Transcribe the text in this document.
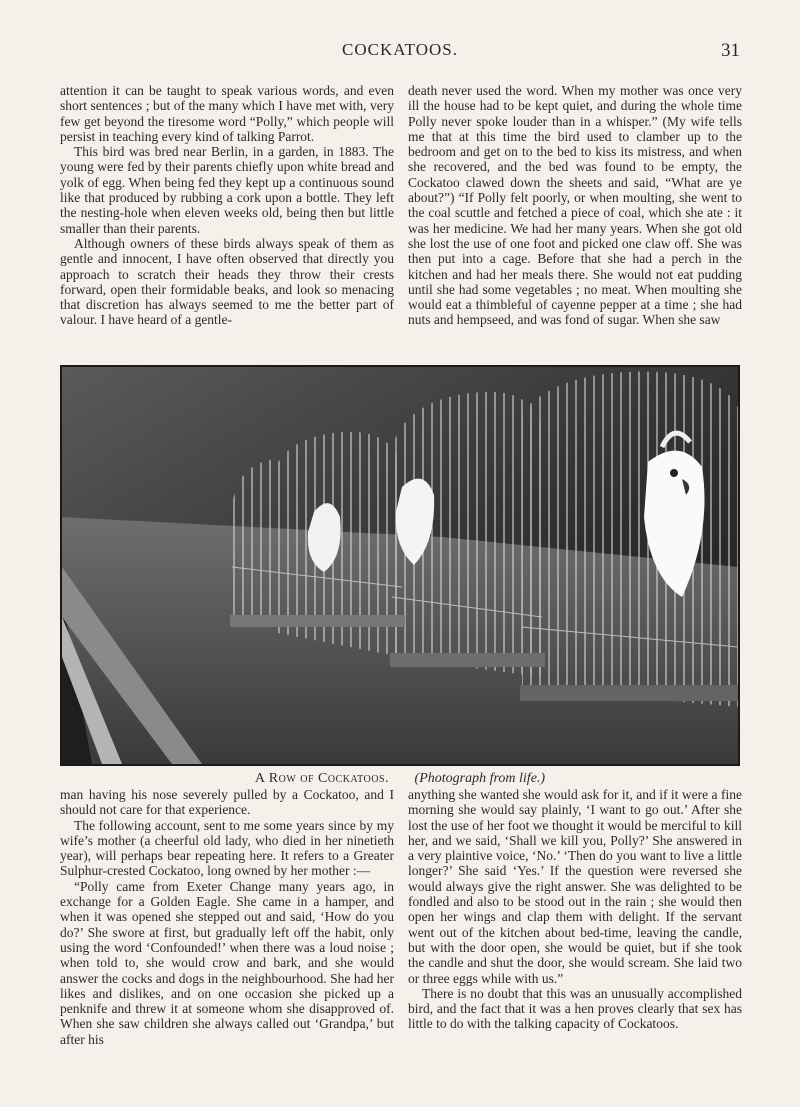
COCKATOOS.	31

attention it can be taught to speak various words, and even short sentences ; but of the many which I have met with, very few get beyond the tiresome word “Polly,” which people will persist in teaching every kind of talking Parrot.

This bird was bred near Berlin, in a garden, in 1883. The young were fed by their parents chiefly upon white bread and yolk of egg. When being fed they kept up a continuous sound like that produced by rubbing a cork upon a bottle. They left the nesting-hole when eleven weeks old, being then but little smaller than their parents.

Although owners of these birds always speak of them as gentle and innocent, I have often observed that directly you approach to scratch their heads they throw their crests forward, open their formidable beaks, and look so menacing that discretion has always seemed to me the better part of valour. I have heard of a gentle-

death never used the word. When my mother was once very ill the house had to be kept quiet, and during the whole time Polly never spoke louder than in a whisper.” (My wife tells me that at this time the bird used to clamber up to the bedroom and get on to the bed to kiss its mistress, and when she recovered, and the bed was found to be empty, the Cockatoo clawed down the sheets and said, “What are ye about?”) “If Polly felt poorly, or when moulting, she went to the coal scuttle and fetched a piece of coal, which she ate : it was her medicine. We had her many years. When she got old she lost the use of one foot and picked one claw off. She was then put into a cage. Before that she had a perch in the kitchen and had her meals there. She would not eat pudding until she had some vegetables ; no meat. When moulting she would eat a thimbleful of cayenne pepper at a time ; she had nuts and hempseed, and was fond of sugar. When she saw

A Row of Cockatoos. (Photograph from life.)

man having his nose severely pulled by a Cockatoo, and I should not care for that experience.

The following account, sent to me some years since by my wife’s mother (a cheerful old lady, who died in her ninetieth year), will perhaps bear repeating here. It refers to a Greater Sulphur-crested Cockatoo, long owned by her mother :—

“Polly came from Exeter Change many years ago, in exchange for a Golden Eagle. She came in a hamper, and when it was opened she stepped out and said, ‘How do you do?’ She swore at first, but gradually left off the habit, only using the word ‘Confounded!’ when there was a loud noise ; when told to, she would crow and bark, and she would answer the cocks and dogs in the neighbourhood. She had her likes and dislikes, and on one occasion she picked up a penknife and threw it at someone whom she disapproved of. When she saw children she always called out ‘Grandpa,’ but after his

anything she wanted she would ask for it, and if it were a fine morning she would say plainly, ‘I want to go out.’ After she lost the use of her foot we thought it would be merciful to kill her, and we said, ‘Shall we kill you, Polly?’ She answered in a very plaintive voice, ‘No.’ ‘Then do you want to live a little longer?’ She said ‘Yes.’ If the question were reversed she would always give the right answer. She was delighted to be fondled and also to be stood out in the rain ; she would then open her wings and clap them with delight. If the servant went out of the kitchen about bed-time, leaving the candle, but with the door open, she would be quiet, but if she took the candle and shut the door, she would scream. She laid two or three eggs while with us.”

There is no doubt that this was an unusually accomplished bird, and the fact that it was a hen proves clearly that sex has little to do with the talking capacity of Cockatoos.
